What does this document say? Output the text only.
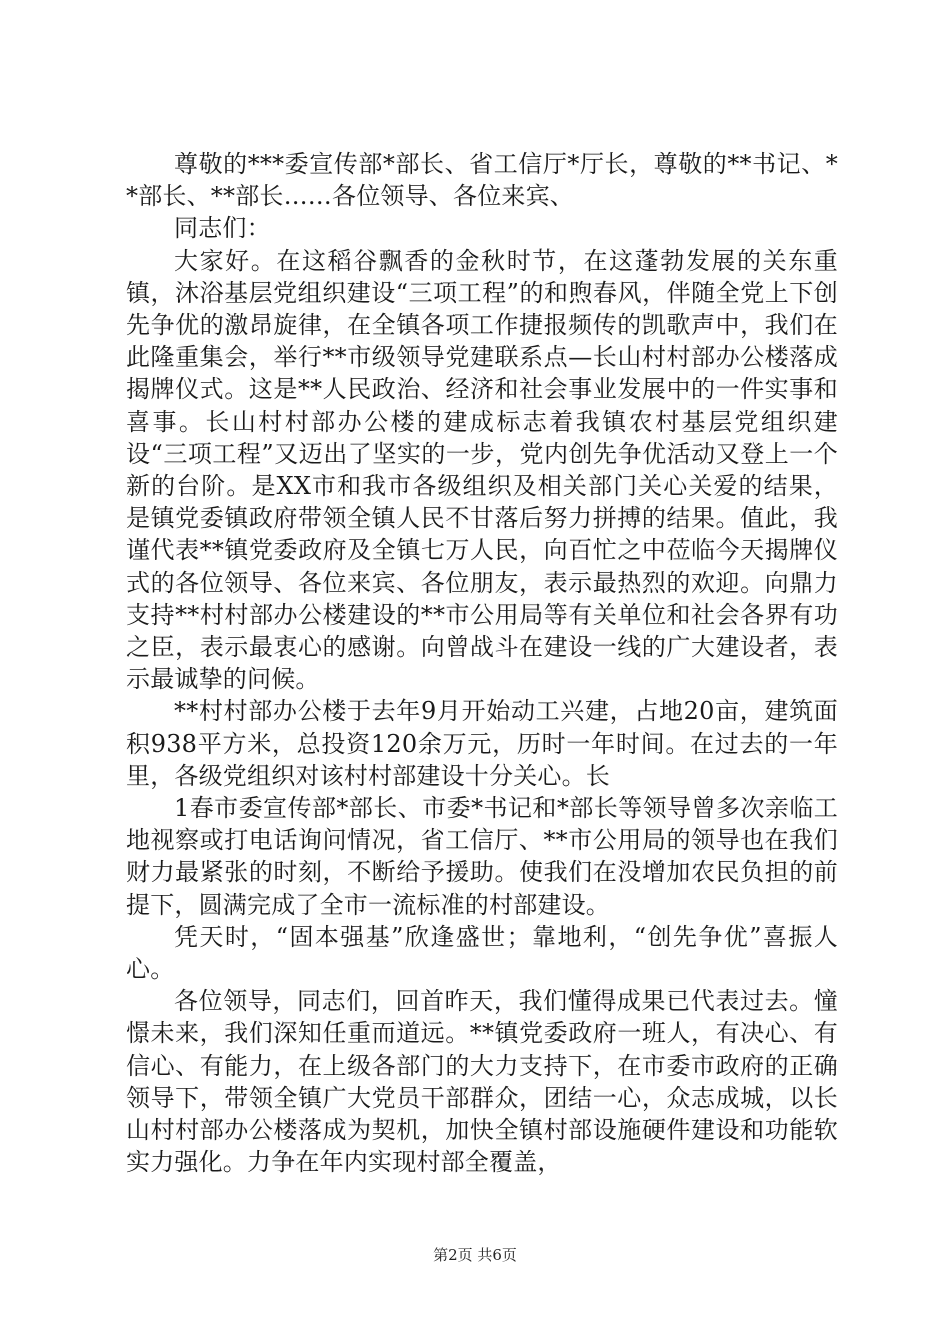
尊敬的***委宣传部*部长、省工信厅*厅长，尊敬的**书记、**部长、**部长……各位领导、各位来宾、

同志们：

大家好。在这稻谷飘香的金秋时节，在这蓬勃发展的关东重镇，沐浴基层党组织建设“三项工程”的和煦春风，伴随全党上下创先争优的激昂旋律，在全镇各项工作捷报频传的凯歌声中，我们在此隆重集会，举行**市级领导党建联系点—长山村村部办公楼落成揭牌仪式。这是**人民政治、经济和社会事业发展中的一件实事和喜事。长山村村部办公楼的建成标志着我镇农村基层党组织建设“三项工程”又迈出了坚实的一步，党内创先争优活动又登上一个新的台阶。是XX市和我市各级组织及相关部门关心关爱的结果，是镇党委镇政府带领全镇人民不甘落后努力拼搏的结果。值此，我谨代表**镇党委政府及全镇七万人民，向百忙之中莅临今天揭牌仪式的各位领导、各位来宾、各位朋友，表示最热烈的欢迎。向鼎力支持**村村部办公楼建设的**市公用局等有关单位和社会各界有功之臣，表示最衷心的感谢。向曾战斗在建设一线的广大建设者，表示最诚挚的问候。

**村村部办公楼于去年9月开始动工兴建，占地20亩，建筑面积938平方米，总投资120余万元，历时一年时间。在过去的一年里，各级党组织对该村村部建设十分关心。长

1春市委宣传部*部长、市委*书记和*部长等领导曾多次亲临工地视察或打电话询问情况，省工信厅、**市公用局的领导也在我们财力最紧张的时刻，不断给予援助。使我们在没增加农民负担的前提下，圆满完成了全市一流标准的村部建设。

凭天时，“固本强基”欣逢盛世；靠地利，“创先争优”喜振人心。

各位领导，同志们，回首昨天，我们懂得成果已代表过去。憧憬未来，我们深知任重而道远。**镇党委政府一班人，有决心、有信心、有能力，在上级各部门的大力支持下，在市委市政府的正确领导下，带领全镇广大党员干部群众，团结一心，众志成城，以长山村村部办公楼落成为契机，加快全镇村部设施硬件建设和功能软实力强化。力争在年内实现村部全覆盖，

第2页 共6页
